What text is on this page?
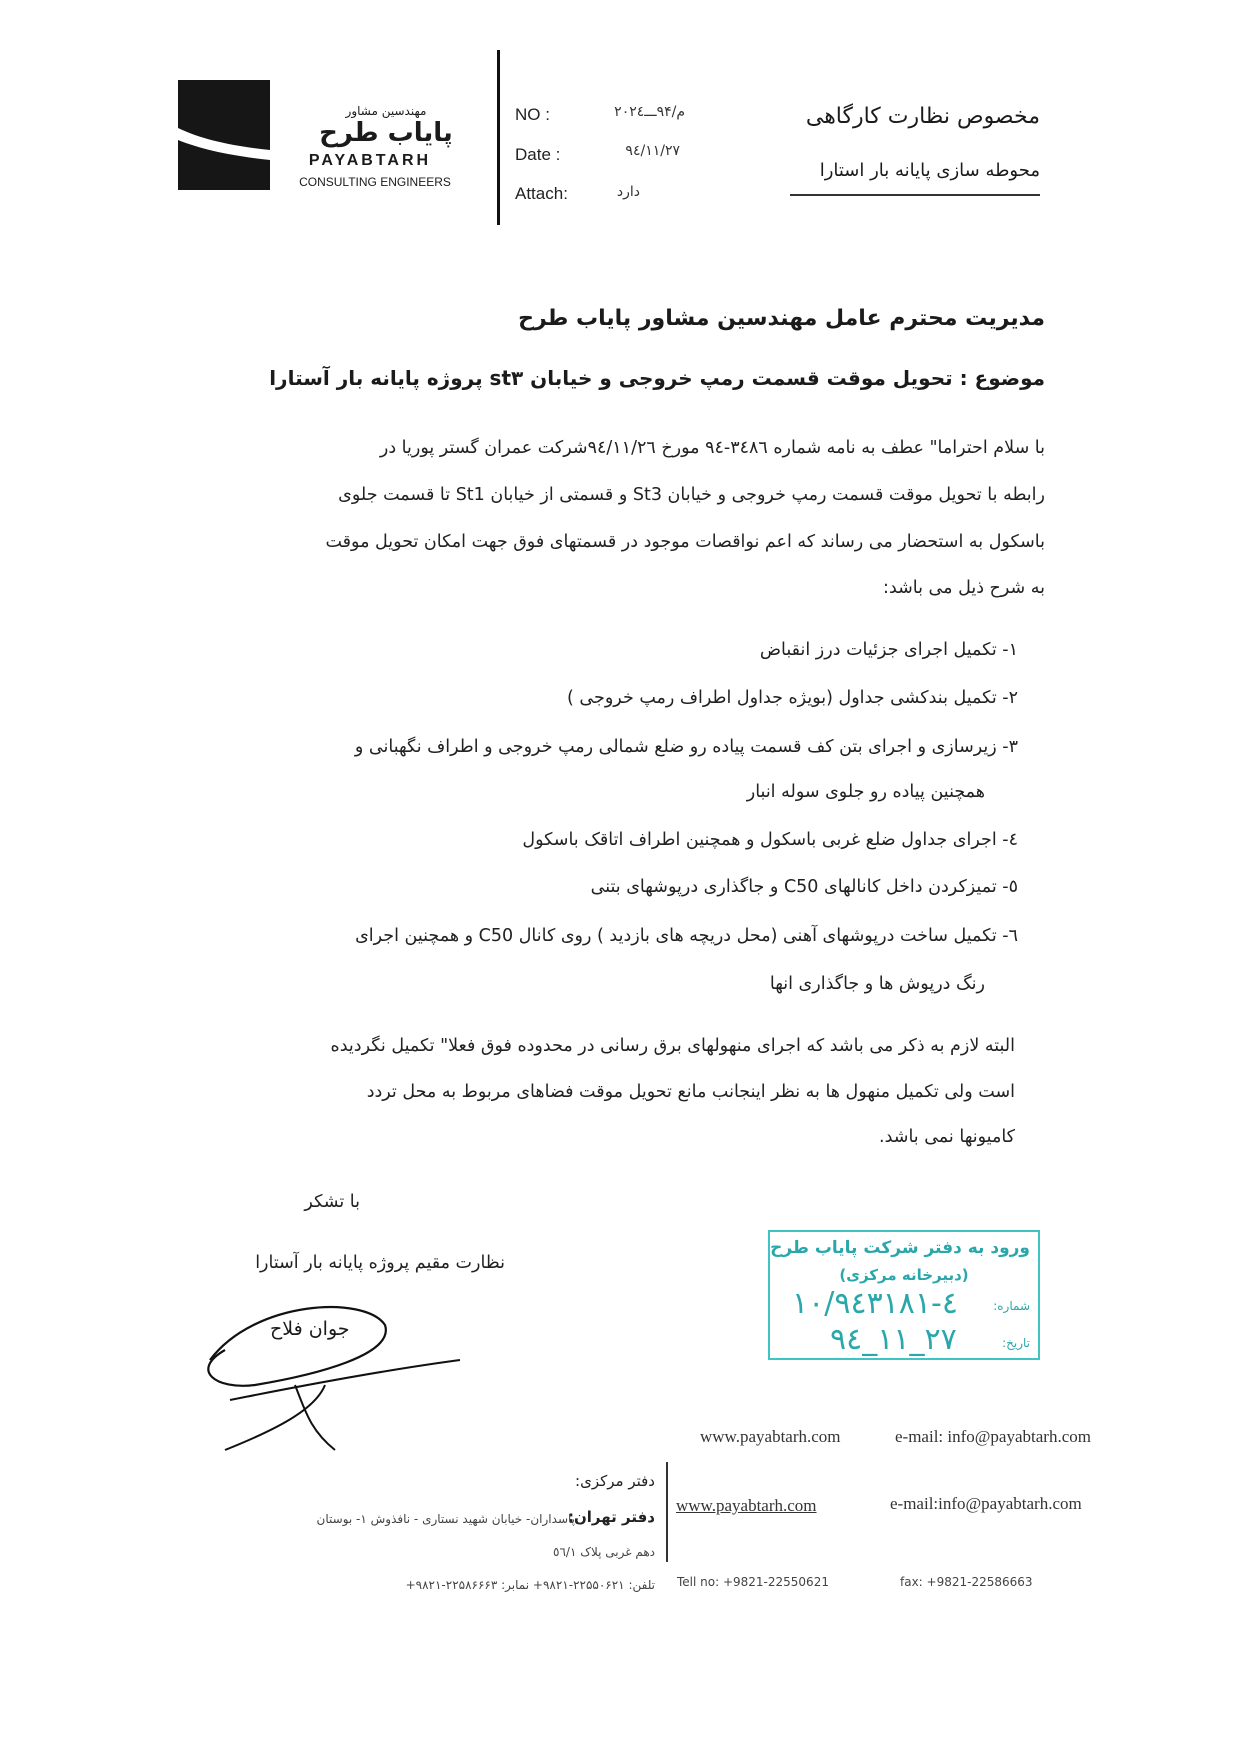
مهندسین مشاور
پایاب طرح
PAYABTARH
CONSULTING ENGINEERS
NO :	م/۹۴ـــ۲۰۲٤
Date :	۹٤/۱۱/۲۷
Attach:	دارد
مخصوص نظارت کارگاهی
محوطه سازی پایانه بار استارا
مدیریت محترم عامل مهندسین مشاور پایاب طرح
موضوع : تحویل موقت قسمت رمپ خروجی و خیابان st۳ پروژه پایانه بار آستارا
با سلام احتراما" عطف به نامه شماره ۳٤۸٦-۹٤ مورخ ۹٤/۱۱/۲٦شرکت عمران گستر پوریا در
رابطه با تحویل موقت قسمت رمپ خروجی و خیابان St3 و قسمتی از خیابان St1 تا قسمت جلوی
باسکول به استحضار می رساند که اعم نواقصات موجود در قسمتهای فوق جهت امکان تحویل موقت
به شرح ذیل می باشد:
۱- تکمیل اجرای جزئیات درز انقباض
۲- تکمیل بندکشی جداول (بویژه جداول اطراف رمپ خروجی )
۳- زیرسازی و اجرای بتن کف قسمت پیاده رو ضلع شمالی رمپ خروجی و اطراف نگهبانی و
همچنین پیاده رو جلوی سوله انبار
٤- اجرای جداول ضلع غربی باسکول و همچنین اطراف اتاقک باسکول
٥- تمیزکردن داخل کانالهای C50 و جاگذاری درپوشهای بتنی
٦- تکمیل ساخت درپوشهای آهنی (محل دریچه های بازدید ) روی کانال C50 و همچنین اجرای
رنگ درپوش ها و جاگذاری انها
البته لازم به ذکر می باشد که اجرای منهولهای برق رسانی در محدوده فوق فعلا" تکمیل نگردیده
است ولی تکمیل منهول ها به نظر اینجانب مانع تحویل موقت فضاهای مربوط به محل تردد
کامیونها نمی باشد.
با تشکر
نظارت مقیم پروژه پایانه بار آستارا
جوان فلاح
ورود به دفتر شرکت پایاب طرح
(دبیرخانه مرکزی)
شماره:
۱۰/۹٤-٤٣١٨١
تاریخ:
۹٤_۱۱_۲۷
www.payabtarh.com	e-mail: info@payabtarh.com
دفتر مرکزی:
دفتر تهران:
پاسداران- خیابان شهید نستاری - نافذوش ۱- بوستان
دهم غربی پلاک ٥٦/۱
www.payabtarh.com	e-mail:info@payabtarh.com
تلفن: ۲۲۵۵۰۶۲۱-۹۸۲۱+ نمابر: ۲۲۵۸۶۶۶۳-۹۸۲۱+ Tell no: +9821-22550621	fax: +9821-22586663
